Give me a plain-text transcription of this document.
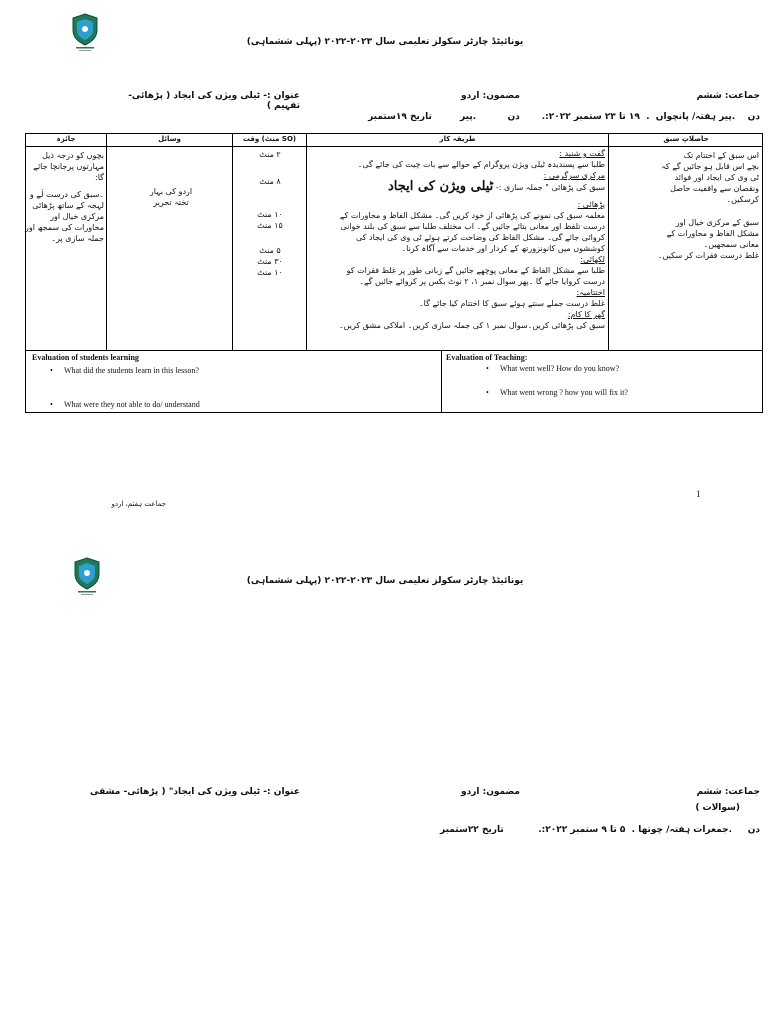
یونائیٹڈ چارٹر سکولز تعلیمی سال ۲۰۲۳-۲۰۲۲ (پہلی ششماہی)
جماعت: ششم
مضمون: اردو
عنوان :- ٹیلی ویژن کی ایجاد ( پڑھائی- تفہیم )
دن    .پیر ہفتہ/ پانچواں  .  ۱۹ تا ۲۳ ستمبر ۲۰۲۲:.       دن          .پیر         تاریخ ۱۹ستمبر
حاصلاتِ سبق
طریقہ کار
وقت (منٹ SO)
وسائل
جائزہ
اس سبق کے اختتام تک
بچے اس قابل ہو جائیں گے کہ
ٹی وی کی ایجاد اور فوائد
ونقصان سے واقفیت حاصل
کرسکیں۔
سبق کے مرکزی خیال اور
مشکل الفاظ و محاورات کے
معانی سمجھیں۔
غلط درست فقرات کر سکیں۔
گفت و شنید :
طلبا سے پسندیدہ ٹیلی ویژن پروگرام کے حوالے سے بات چیت کی جائے گی۔
مرکزی سرگرمی :
سبق کی پڑھائی " جملہ سازی :- ٹیلی ویژن کی ایجاد
پڑھائی :
معلمہ سبق کی نمونے کی پڑھائی از خود کریں گی۔ مشکل الفاظ و محاورات کے
درست تلفظ اور معانی بتائے جائیں گے۔ اب مختلف طلبا سے سبق کی بلند خوانی
کروائی جائے گی۔ مشکل الفاظ کی وضاحت کرتے ہوئے ٹی وی کی ایجاد کی
کوششوں میں کانونزورتھ کے کردار اور خدمات سے آگاہ کرنا۔
لکھائی:
طلبا سے مشکل الفاظ کے معانی پوچھے جائیں گے زبانی طور پر غلط فقرات کو
درست کروایا جائے گا ۔پھر سوال نمبر ۱، ۲ نوٹ بکس پر کروائے جائیں گے۔
اختتامیہ:
غلط درست جملے سنتے ہوئے سبق کا اختتام کیا جائے گا۔
گھر کا کام:
سبق کی پڑھائی کریں۔سوال نمبر ۱ کی جملہ سازی کریں۔ املاکی مشق کریں۔
۲ منٹ
۸ منٹ
۱۰ منٹ
۱۵ منٹ
۵ منٹ
۳۰ منٹ
۱۰ منٹ
اردو کی بہار
تختہ تحریر
بچوں کو درجہ ذیل
مہارتوں پرجانچا جائے
گا:
۔سبق کی درست لَے و
لہجہ کے ساتھ پڑھائی
مرکزی خیال اور
محاورات کی سمجھ اور
جملہ سازی پر۔
Evaluation of students learning
• What did the students learn in this lesson?
• What were they not able to do/ understand
Evaluation of Teaching:
• What went well? How do you know?
• What went wrong ? how you will fix it?
1
جماعت ہفتم، اردو
یونائیٹڈ چارٹر سکولز تعلیمی سال ۲۰۲۳-۲۰۲۲ (پہلی ششماہی)
جماعت: ششم
(سوالات )
مضمون: اردو
عنوان :- ٹیلی ویژن کی ایجاد" ( پڑھائی- مشقی
دن     .جمعرات ہفتہ/ چوتھا .  ۵ تا ۹ ستمبر ۲۰۲۲:.           تاریخ ۲۲ستمبر
